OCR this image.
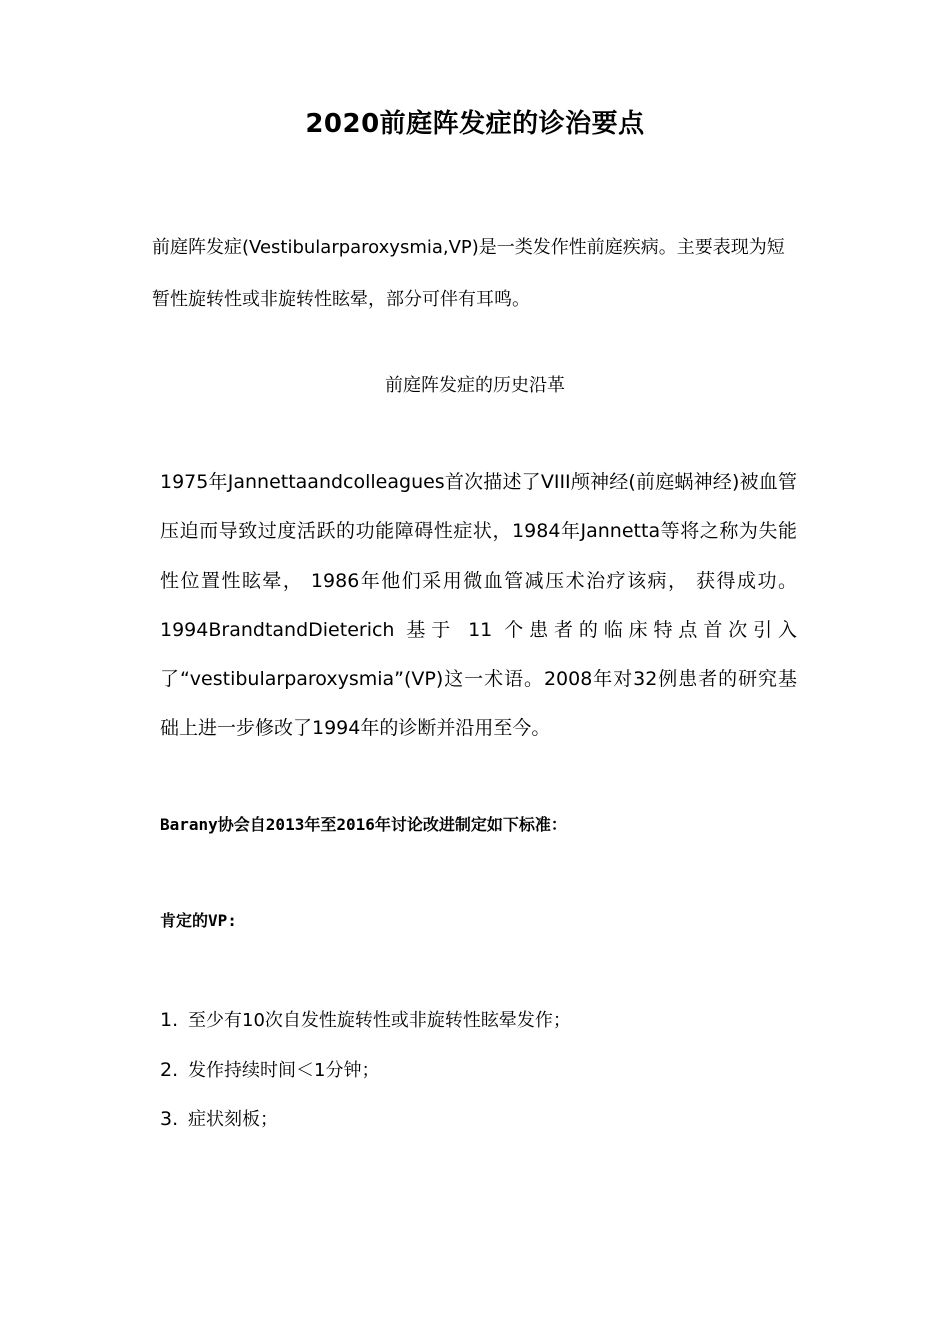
2020前庭阵发症的诊治要点

前庭阵发症(Vestibularparoxysmia,VP)是一类发作性前庭疾病。主要表现为短暂性旋转性或非旋转性眩晕，部分可伴有耳鸣。

前庭阵发症的历史沿革

1975年Jannettaandcolleagues首次描述了VIII颅神经(前庭蜗神经)被血管压迫而导致过度活跃的功能障碍性症状，1984年Jannetta等将之称为失能性位置性眩晕， 1986年他们采用微血管减压术治疗该病， 获得成功。1994BrandtandDieterich 基于 11 个患者的临床特点首次引入了“vestibularparoxysmia”(VP)这一术语。2008年对32例患者的研究基础上进一步修改了1994年的诊断并沿用至今。

Barany协会自2013年至2016年讨论改进制定如下标准：

肯定的VP:

1. 至少有10次自发性旋转性或非旋转性眩晕发作；
2. 发作持续时间＜1分钟；
3. 症状刻板；
